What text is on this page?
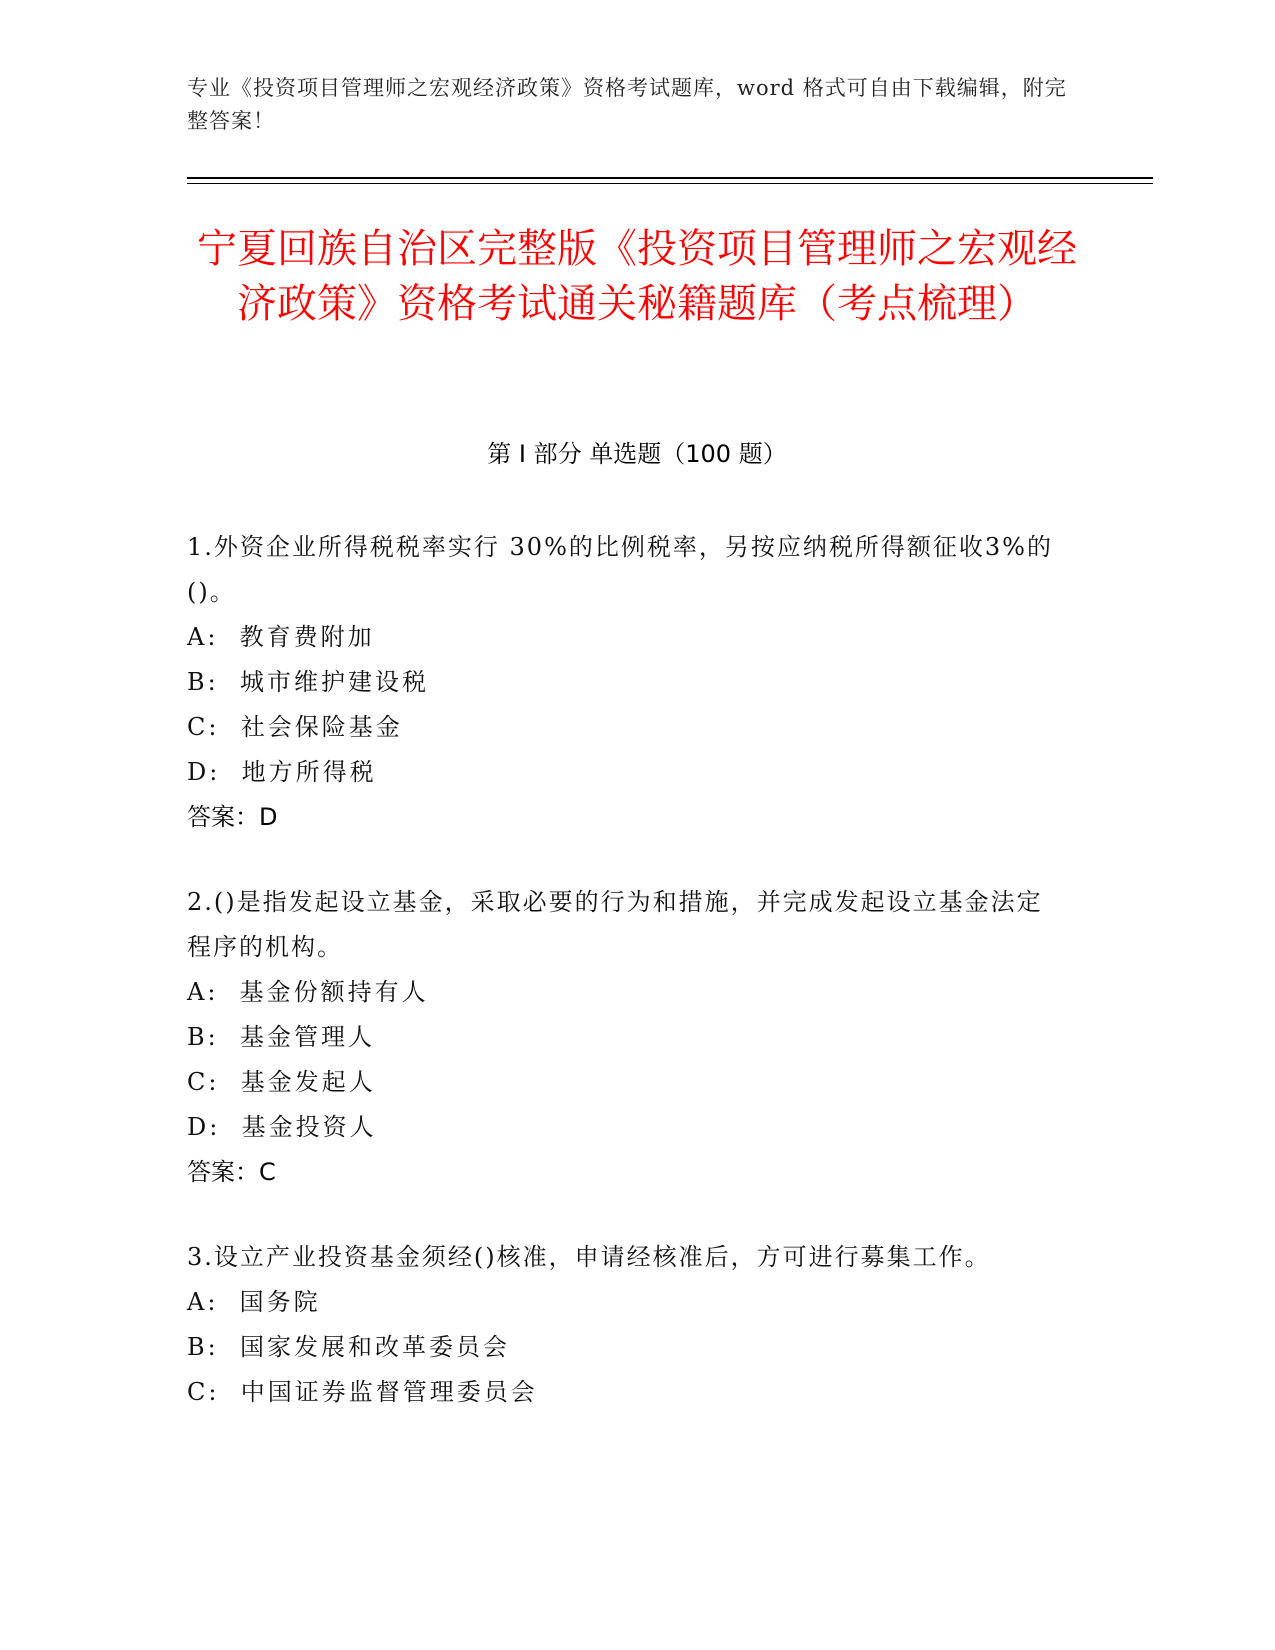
专业《投资项目管理师之宏观经济政策》资格考试题库，word 格式可自由下载编辑，附完整答案！
宁夏回族自治区完整版《投资项目管理师之宏观经济政策》资格考试通关秘籍题库（考点梳理）
第 I 部分 单选题（100 题）
1.外资企业所得税税率实行 30%的比例税率，另按应纳税所得额征收3%的()。
A:  教育费附加
B:  城市维护建设税
C:  社会保险基金
D:  地方所得税
答案：D
2.()是指发起设立基金，采取必要的行为和措施，并完成发起设立基金法定程序的机构。
A:  基金份额持有人
B:  基金管理人
C:  基金发起人
D:  基金投资人
答案：C
3.设立产业投资基金须经()核准，申请经核准后，方可进行募集工作。
A:  国务院
B:  国家发展和改革委员会
C:  中国证券监督管理委员会
